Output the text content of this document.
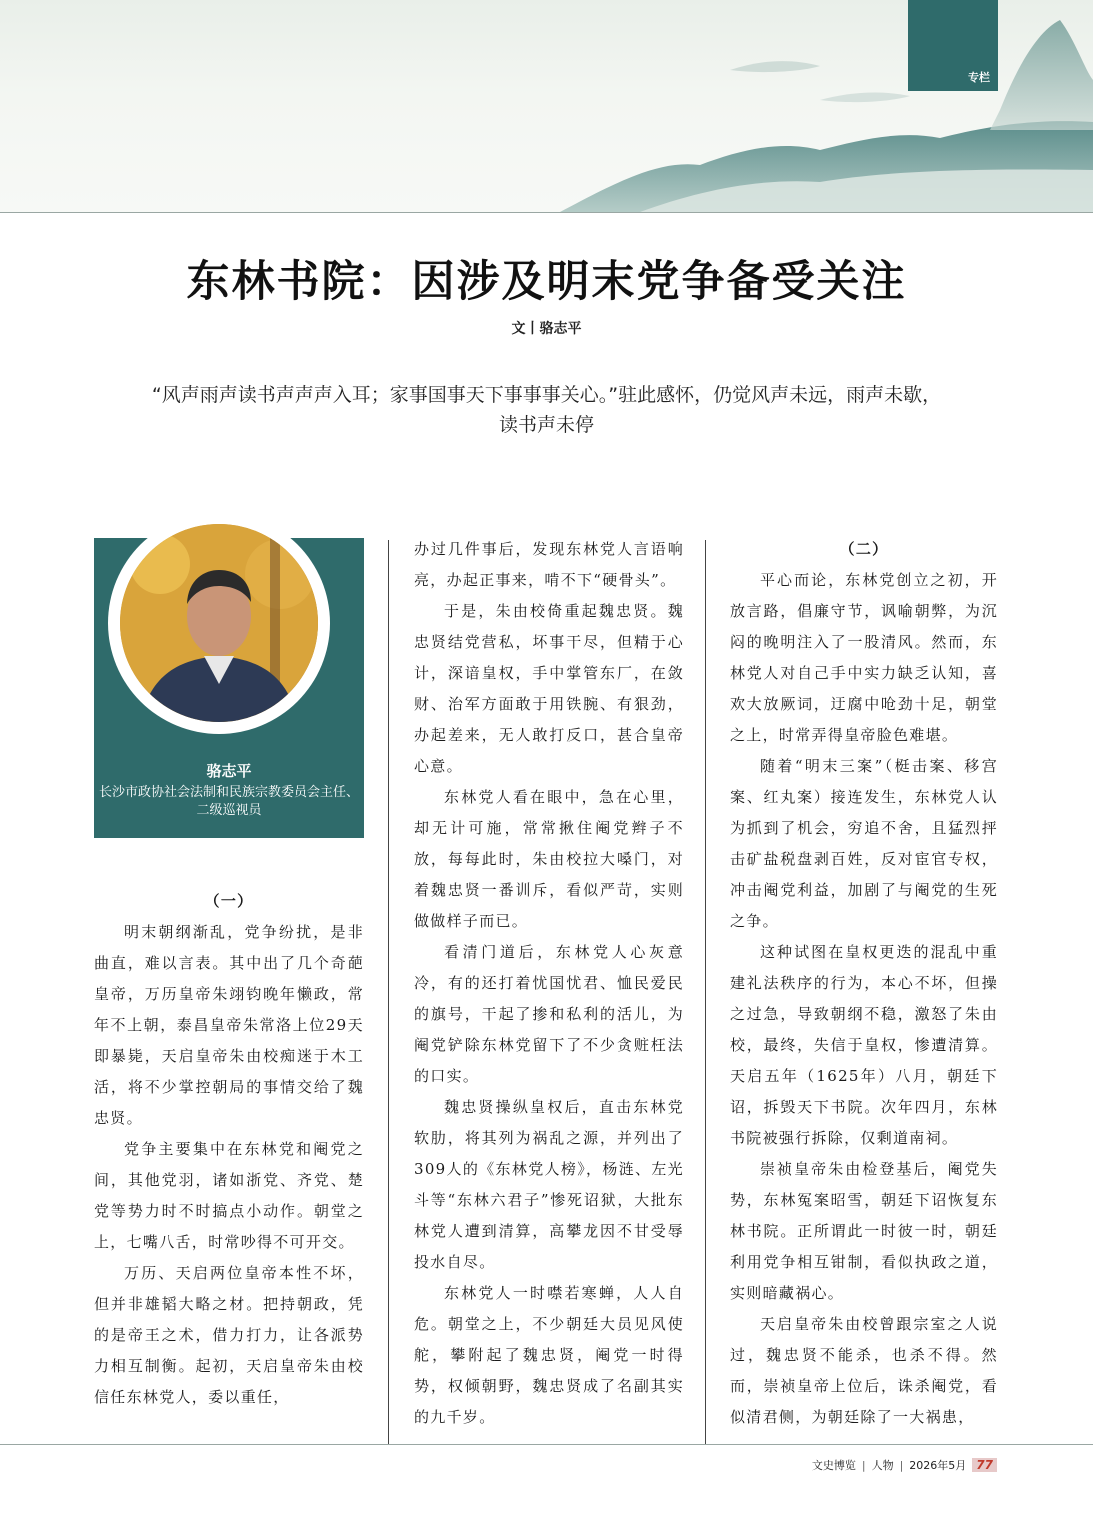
专栏
东林书院：因涉及明末党争备受关注
文丨骆志平
“风声雨声读书声声声入耳；家事国事天下事事事关心。”驻此感怀，仍觉风声未远，雨声未歇，读书声未停
骆志平
长沙市政协社会法制和民族宗教委员会主任、二级巡视员

（一）

明末朝纲渐乱，党争纷扰，是非曲直，难以言表。其中出了几个奇葩皇帝，万历皇帝朱翊钧晚年懒政，常年不上朝，泰昌皇帝朱常洛上位29天即暴毙，天启皇帝朱由校痴迷于木工活，将不少掌控朝局的事情交给了魏忠贤。

党争主要集中在东林党和阉党之间，其他党羽，诸如浙党、齐党、楚党等势力时不时搞点小动作。朝堂之上，七嘴八舌，时常吵得不可开交。

万历、天启两位皇帝本性不坏，但并非雄韬大略之材。把持朝政，凭的是帝王之术，借力打力，让各派势力相互制衡。起初，天启皇帝朱由校信任东林党人，委以重任，

办过几件事后，发现东林党人言语响亮，办起正事来，啃不下“硬骨头”。

于是，朱由校倚重起魏忠贤。魏忠贤结党营私，坏事干尽，但精于心计，深谙皇权，手中掌管东厂，在敛财、治军方面敢于用铁腕、有狠劲，办起差来，无人敢打反口，甚合皇帝心意。

东林党人看在眼中，急在心里，却无计可施，常常揪住阉党辫子不放，每每此时，朱由校拉大嗓门，对着魏忠贤一番训斥，看似严苛，实则做做样子而已。

看清门道后，东林党人心灰意冷，有的还打着忧国忧君、恤民爱民的旗号，干起了掺和私利的活儿，为阉党铲除东林党留下了不少贪赃枉法的口实。

魏忠贤操纵皇权后，直击东林党软肋，将其列为祸乱之源，并列出了309人的《东林党人榜》，杨涟、左光斗等“东林六君子”惨死诏狱，大批东林党人遭到清算，高攀龙因不甘受辱投水自尽。

东林党人一时噤若寒蝉，人人自危。朝堂之上，不少朝廷大员见风使舵，攀附起了魏忠贤，阉党一时得势，权倾朝野，魏忠贤成了名副其实的九千岁。

（二）

平心而论，东林党创立之初，开放言路，倡廉守节，讽喻朝弊，为沉闷的晚明注入了一股清风。然而，东林党人对自己手中实力缺乏认知，喜欢大放厥词，迂腐中呛劲十足，朝堂之上，时常弄得皇帝脸色难堪。

随着“明末三案”（梃击案、移宫案、红丸案）接连发生，东林党人认为抓到了机会，穷追不舍，且猛烈抨击矿盐税盘剥百姓，反对宦官专权，冲击阉党利益，加剧了与阉党的生死之争。

这种试图在皇权更迭的混乱中重建礼法秩序的行为，本心不坏，但操之过急，导致朝纲不稳，激怒了朱由校，最终，失信于皇权，惨遭清算。天启五年（1625年）八月，朝廷下诏，拆毁天下书院。次年四月，东林书院被强行拆除，仅剩道南祠。

崇祯皇帝朱由检登基后，阉党失势，东林冤案昭雪，朝廷下诏恢复东林书院。正所谓此一时彼一时，朝廷利用党争相互钳制，看似执政之道，实则暗藏祸心。

天启皇帝朱由校曾跟宗室之人说过，魏忠贤不能杀，也杀不得。然而，崇祯皇帝上位后，诛杀阉党，看似清君侧，为朝廷除了一大祸患，

文史博览 | 人物 | 2026年5月 77
